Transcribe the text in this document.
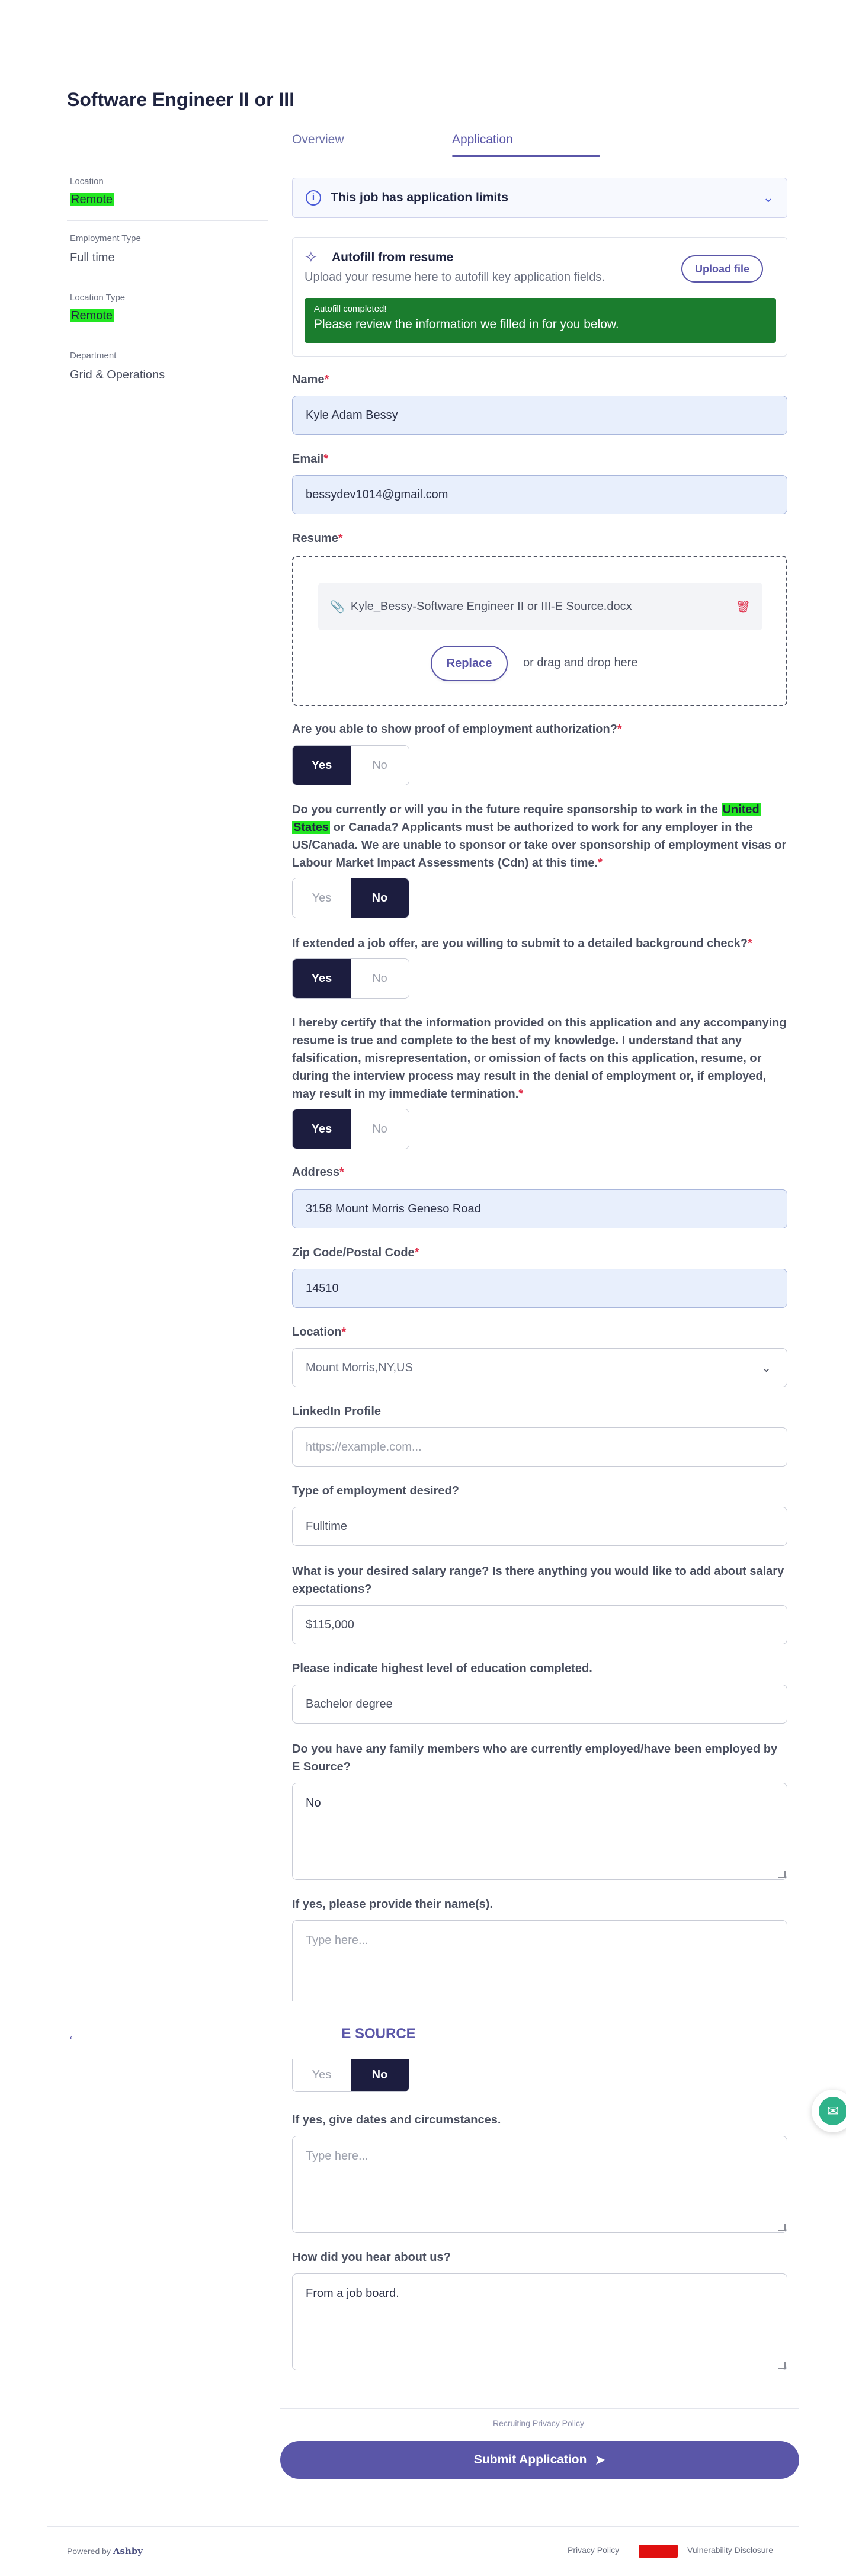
Software Engineer II or III
Location
Remote
Employment Type
Full time
Location Type
Remote
Department
Grid & Operations
Overview	Application
i	This job has application limits	⌄
✧ Autofill from resume
Upload your resume here to autofill key application fields.
Upload file
Autofill completed!
Please review the information we filled in for you below.
Name*
Kyle Adam Bessy
Email*
bessydev1014@gmail.com
Resume*
📎 Kyle_Bessy-Software Engineer II or III-E Source.docx	🗑
Replace	or drag and drop here
Are you able to show proof of employment authorization?*
Yes	No
Do you currently or will you in the future require sponsorship to work in the United States or Canada? Applicants must be authorized to work for any employer in the US/Canada. We are unable to sponsor or take over sponsorship of employment visas or Labour Market Impact Assessments (Cdn) at this time.*
Yes	No
If extended a job offer, are you willing to submit to a detailed background check?*
Yes	No
I hereby certify that the information provided on this application and any accompanying resume is true and complete to the best of my knowledge. I understand that any falsification, misrepresentation, or omission of facts on this application, resume, or during the interview process may result in the denial of employment or, if employed, may result in my immediate termination.*
Yes	No
Address*
3158 Mount Morris Geneso Road
Zip Code/Postal Code*
14510
Location*
Mount Morris,NY,US	⌄
LinkedIn Profile
https://example.com...
Type of employment desired?
Fulltime
What is your desired salary range? Is there anything you would like to add about salary expectations?
$115,000
Please indicate highest level of education completed.
Bachelor degree
Do you have any family members who are currently employed/have been employed by E Source?
No
If yes, please provide their name(s).
Type here...
←	E SOURCE
Yes	No
✉
If yes, give dates and circumstances.
Type here...
How did you hear about us?
From a job board.
Recruiting Privacy Policy
Submit Application ➤
Powered by Ashby	Privacy Policy	Vulnerability Disclosure
